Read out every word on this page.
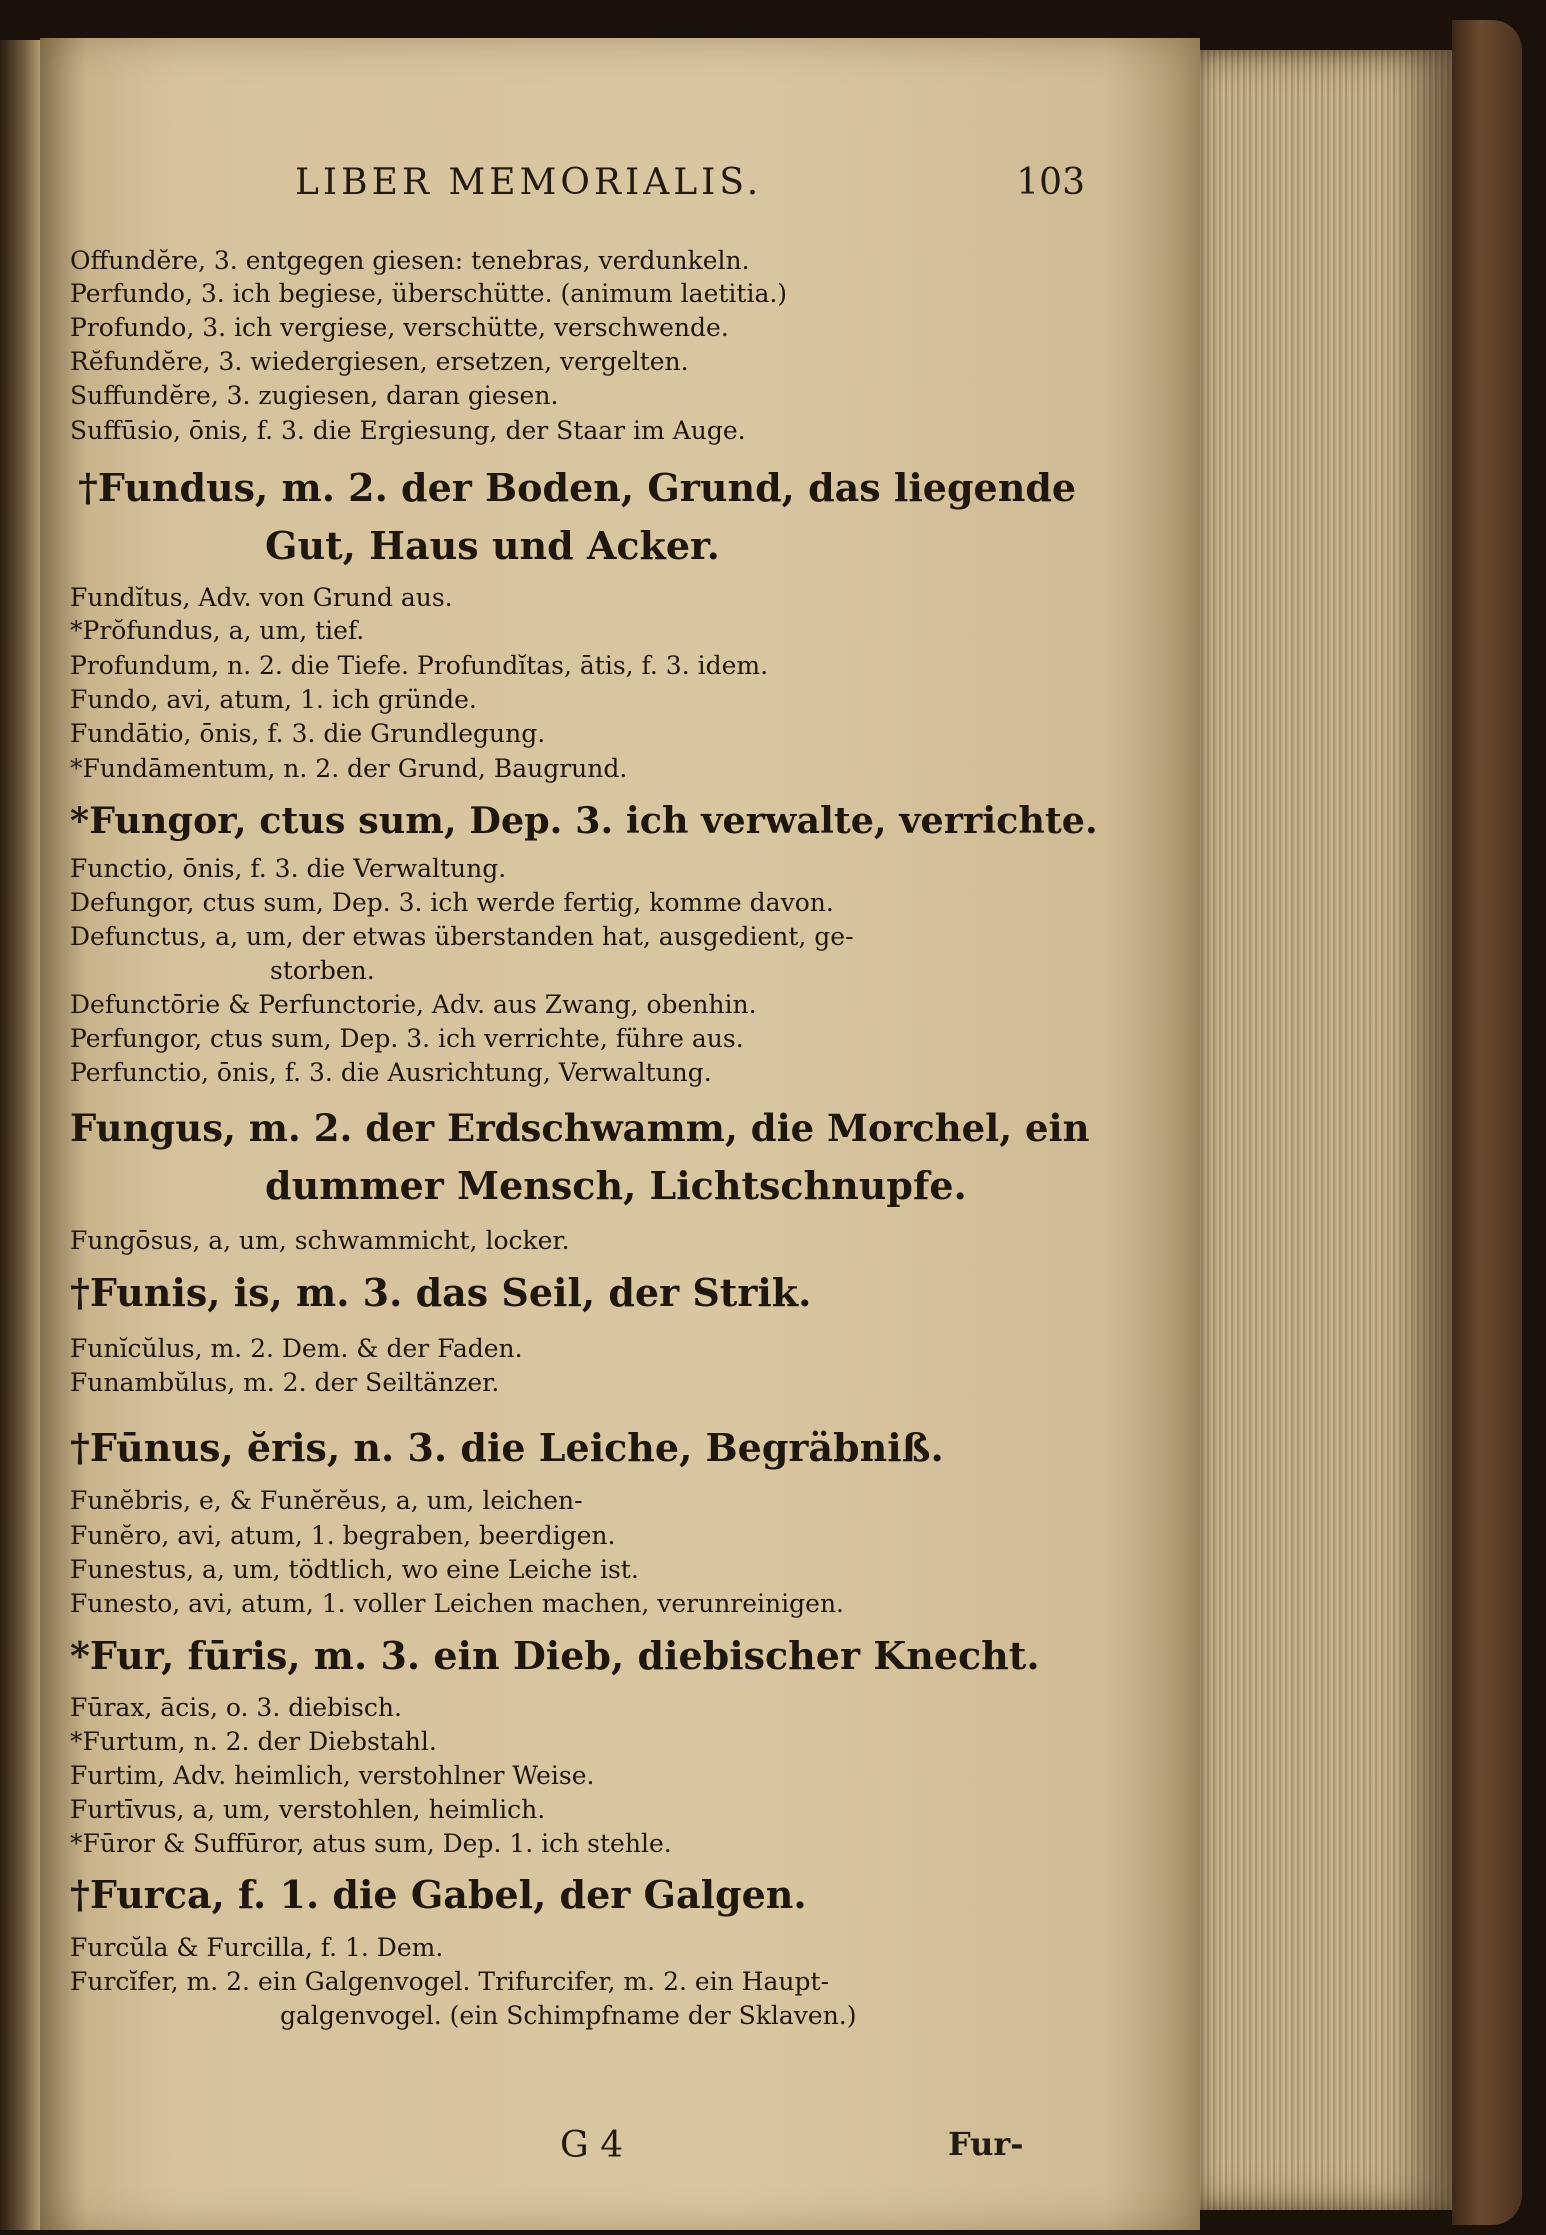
LIBER MEMORIALIS.	103
Offundĕre, 3. entgegen giesen: tenebras, verdunkeln.
Perfundo, 3. ich begiese, überschütte. (animum laetitia.)
Profundo, 3. ich vergiese, verschütte, verschwende.
Rĕfundĕre, 3. wiedergiesen, ersetzen, vergelten.
Suffundĕre, 3. zugiesen, daran giesen.
Suffūsio, ōnis, f. 3. die Ergiesung, der Staar im Auge.
†Fundus, m. 2. der Boden, Grund, das liegende
Gut, Haus und Acker.
Fundĭtus, Adv. von Grund aus.
*Prŏfundus, a, um, tief.
Profundum, n. 2. die Tiefe. Profundĭtas, ātis, f. 3. idem.
Fundo, avi, atum, 1. ich gründe.
Fundātio, ōnis, f. 3. die Grundlegung.
*Fundāmentum, n. 2. der Grund, Baugrund.
*Fungor, ctus sum, Dep. 3. ich verwalte, verrichte.
Functio, ōnis, f. 3. die Verwaltung.
Defungor, ctus sum, Dep. 3. ich werde fertig, komme davon.
Defunctus, a, um, der etwas überstanden hat, ausgedient, ge-
storben.
Defunctōrie & Perfunctorie, Adv. aus Zwang, obenhin.
Perfungor, ctus sum, Dep. 3. ich verrichte, führe aus.
Perfunctio, ōnis, f. 3. die Ausrichtung, Verwaltung.
Fungus, m. 2. der Erdschwamm, die Morchel, ein
dummer Mensch, Lichtschnupfe.
Fungōsus, a, um, schwammicht, locker.
†Funis, is, m. 3. das Seil, der Strik.
Funĭcŭlus, m. 2. Dem. & der Faden.
Funambŭlus, m. 2. der Seiltänzer.
†Fūnus, ĕris, n. 3. die Leiche, Begräbniß.
Funĕbris, e, & Funĕrĕus, a, um, leichen-
Funĕro, avi, atum, 1. begraben, beerdigen.
Funestus, a, um, tödtlich, wo eine Leiche ist.
Funesto, avi, atum, 1. voller Leichen machen, verunreinigen.
*Fur, fūris, m. 3. ein Dieb, diebischer Knecht.
Fūrax, ācis, o. 3. diebisch.
*Furtum, n. 2. der Diebstahl.
Furtim, Adv. heimlich, verstohlner Weise.
Furtīvus, a, um, verstohlen, heimlich.
*Fūror & Suffūror, atus sum, Dep. 1. ich stehle.
†Furca, f. 1. die Gabel, der Galgen.
Furcŭla & Furcilla, f. 1. Dem.
Furcĭfer, m. 2. ein Galgenvogel. Trifurcifer, m. 2. ein Haupt-
galgenvogel. (ein Schimpfname der Sklaven.)
G 4	Fur-
